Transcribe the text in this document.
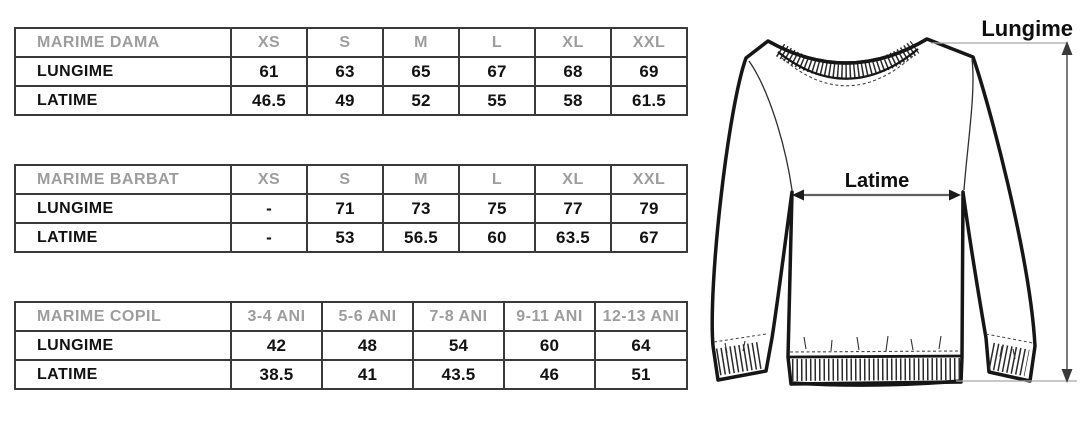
MARIME DAMA	XS	S	M	L	XL	XXL
LUNGIME	61	63	65	67	68	69
LATIME	46.5	49	52	55	58	61.5
MARIME BARBAT	XS	S	M	L	XL	XXL
LUNGIME	-	71	73	75	77	79
LATIME	-	53	56.5	60	63.5	67
MARIME COPIL	3-4 ANI	5-6 ANI	7-8 ANI	9-11 ANI	12-13 ANI
LUNGIME	42	48	54	60	64
LATIME	38.5	41	43.5	46	51
Lungime
Latime
